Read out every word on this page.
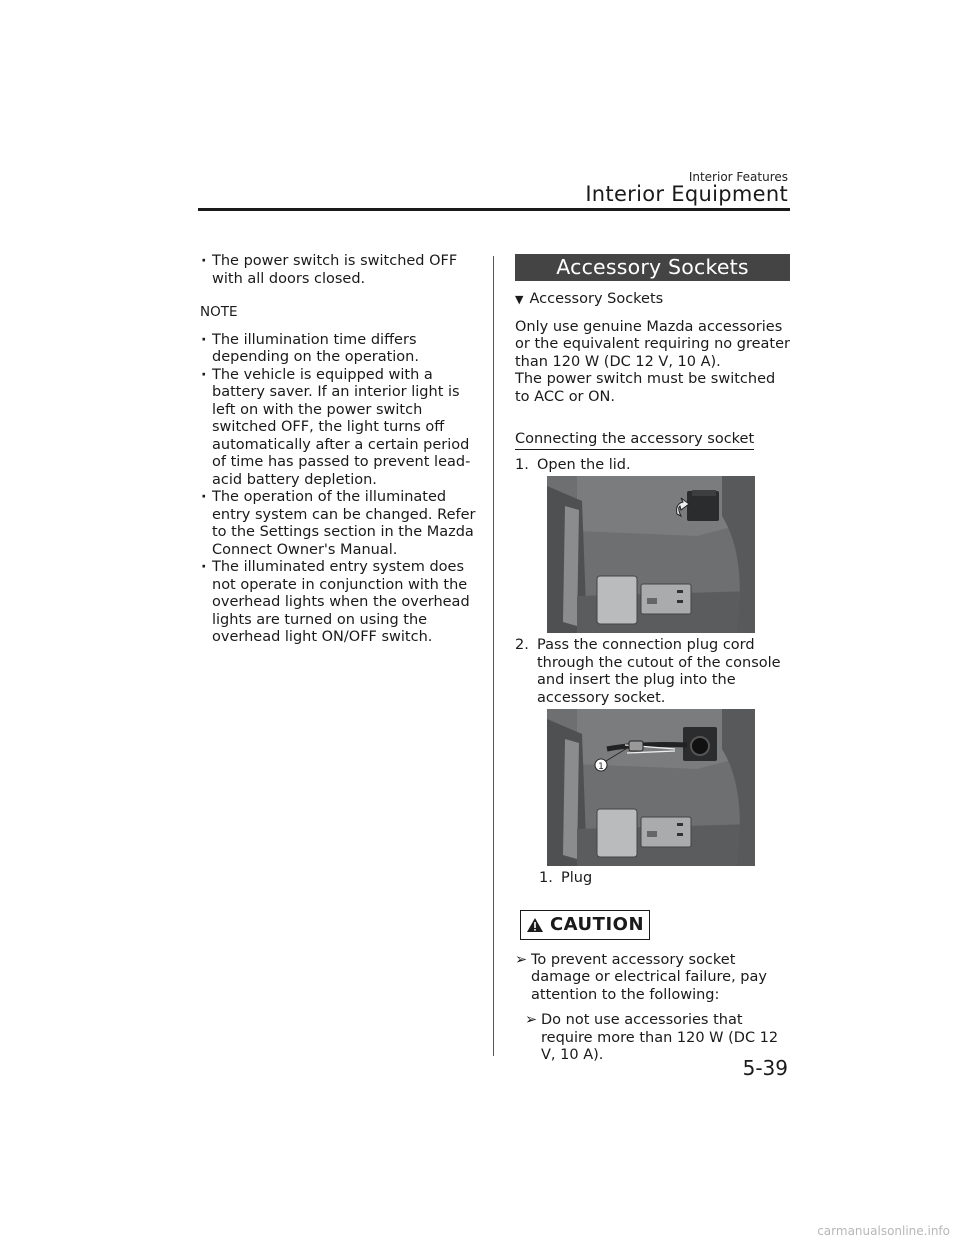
Interior Features
Interior Equipment

· The power switch is switched OFF with all doors closed.

NOTE

· The illumination time differs depending on the operation.

· The vehicle is equipped with a battery saver. If an interior light is left on with the power switch switched OFF, the light turns off automatically after a certain period of time has passed to prevent lead-acid battery depletion.

· The operation of the illuminated entry system can be changed. Refer to the Settings section in the Mazda Connect Owner's Manual.

· The illuminated entry system does not operate in conjunction with the overhead lights when the overhead lights are turned on using the overhead light ON/OFF switch.

Accessory Sockets
▼ Accessory Sockets
Only use genuine Mazda accessories or the equivalent requiring no greater than 120 W (DC 12 V, 10 A).
The power switch must be switched to ACC or ON.
Connecting the accessory socket
1. Open the lid.
2. Pass the connection plug cord through the cutout of the console and insert the plug into the accessory socket.
1
1. Plug
CAUTION
➢ To prevent accessory socket damage or electrical failure, pay attention to the following:
➢ Do not use accessories that require more than 120 W (DC 12 V, 10 A).
5-39
carmanualsonline.info
